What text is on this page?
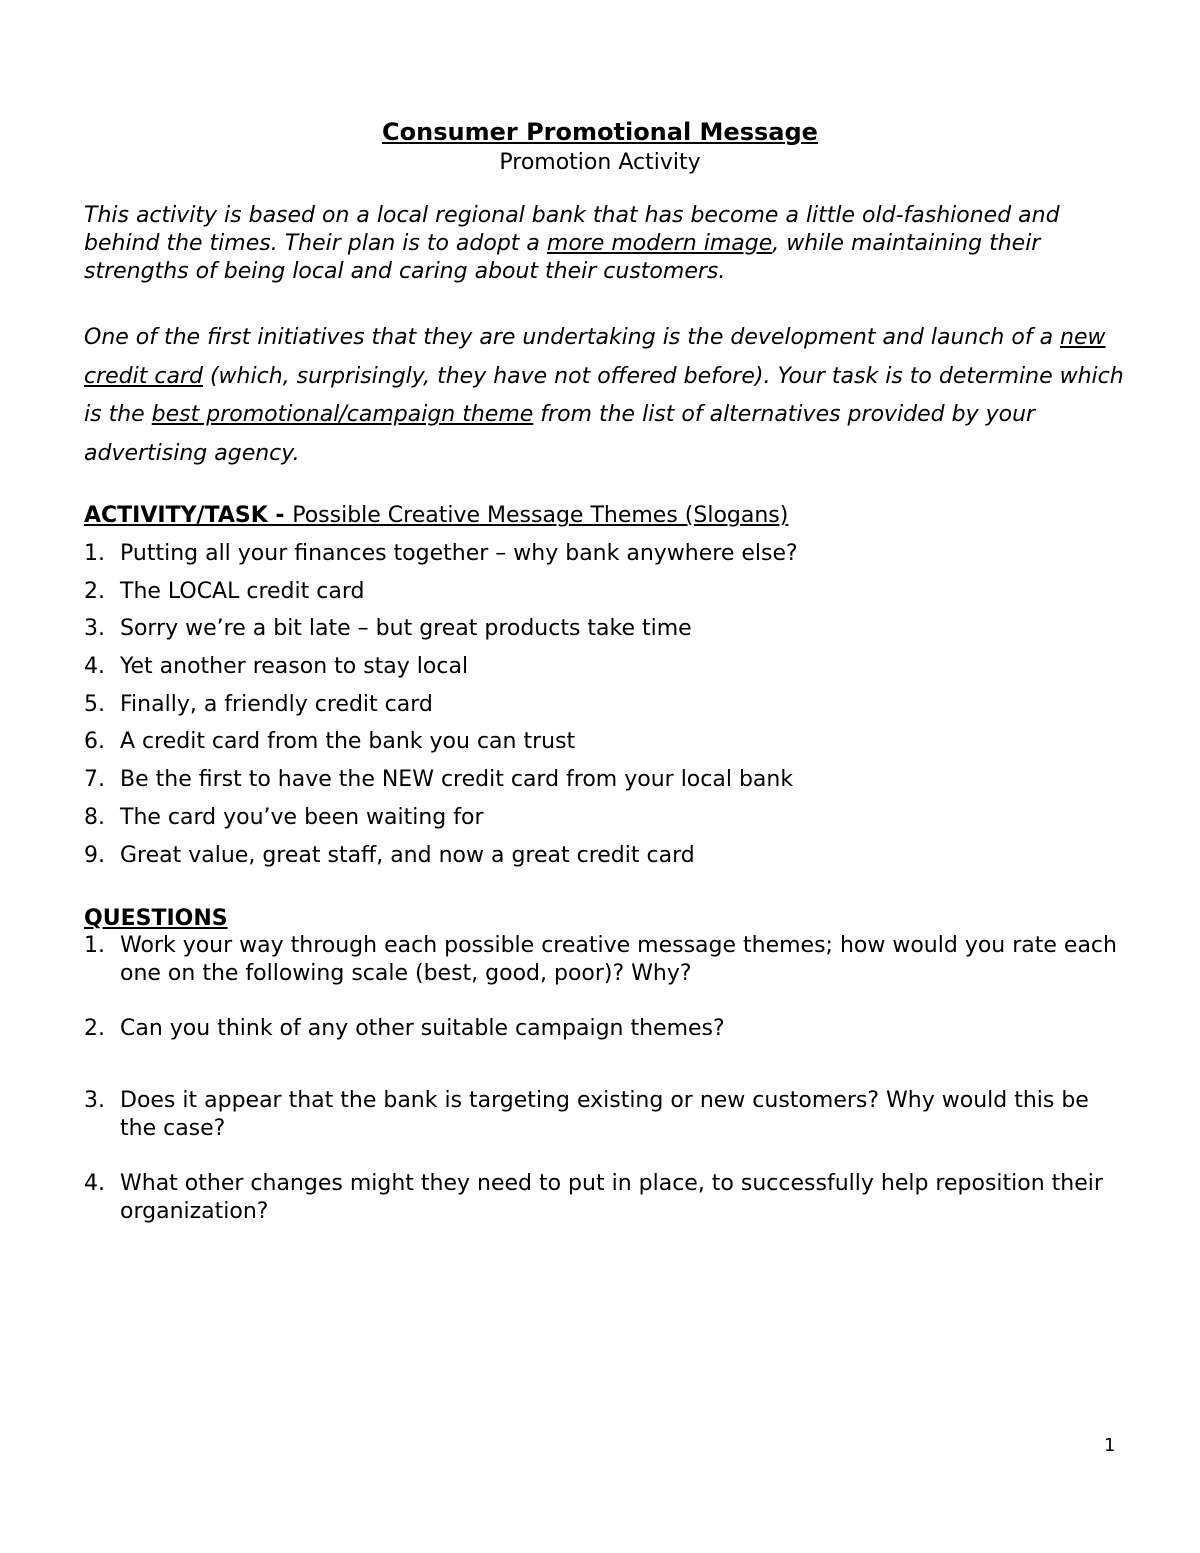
Consumer Promotional Message
Promotion Activity

This activity is based on a local regional bank that has become a little old-fashioned and behind the times. Their plan is to adopt a more modern image, while maintaining their strengths of being local and caring about their customers.

One of the first initiatives that they are undertaking is the development and launch of a new credit card (which, surprisingly, they have not offered before). Your task is to determine which is the best promotional/campaign theme from the list of alternatives provided by your advertising agency.

ACTIVITY/TASK - Possible Creative Message Themes (Slogans)

1. Putting all your finances together – why bank anywhere else?
2. The LOCAL credit card
3. Sorry we’re a bit late – but great products take time
4. Yet another reason to stay local
5. Finally, a friendly credit card
6. A credit card from the bank you can trust
7. Be the first to have the NEW credit card from your local bank
8. The card you’ve been waiting for
9. Great value, great staff, and now a great credit card

QUESTIONS

1. Work your way through each possible creative message themes; how would you rate each one on the following scale (best, good, poor)? Why?
2. Can you think of any other suitable campaign themes?
3. Does it appear that the bank is targeting existing or new customers? Why would this be the case?
4. What other changes might they need to put in place, to successfully help reposition their organization?
1
